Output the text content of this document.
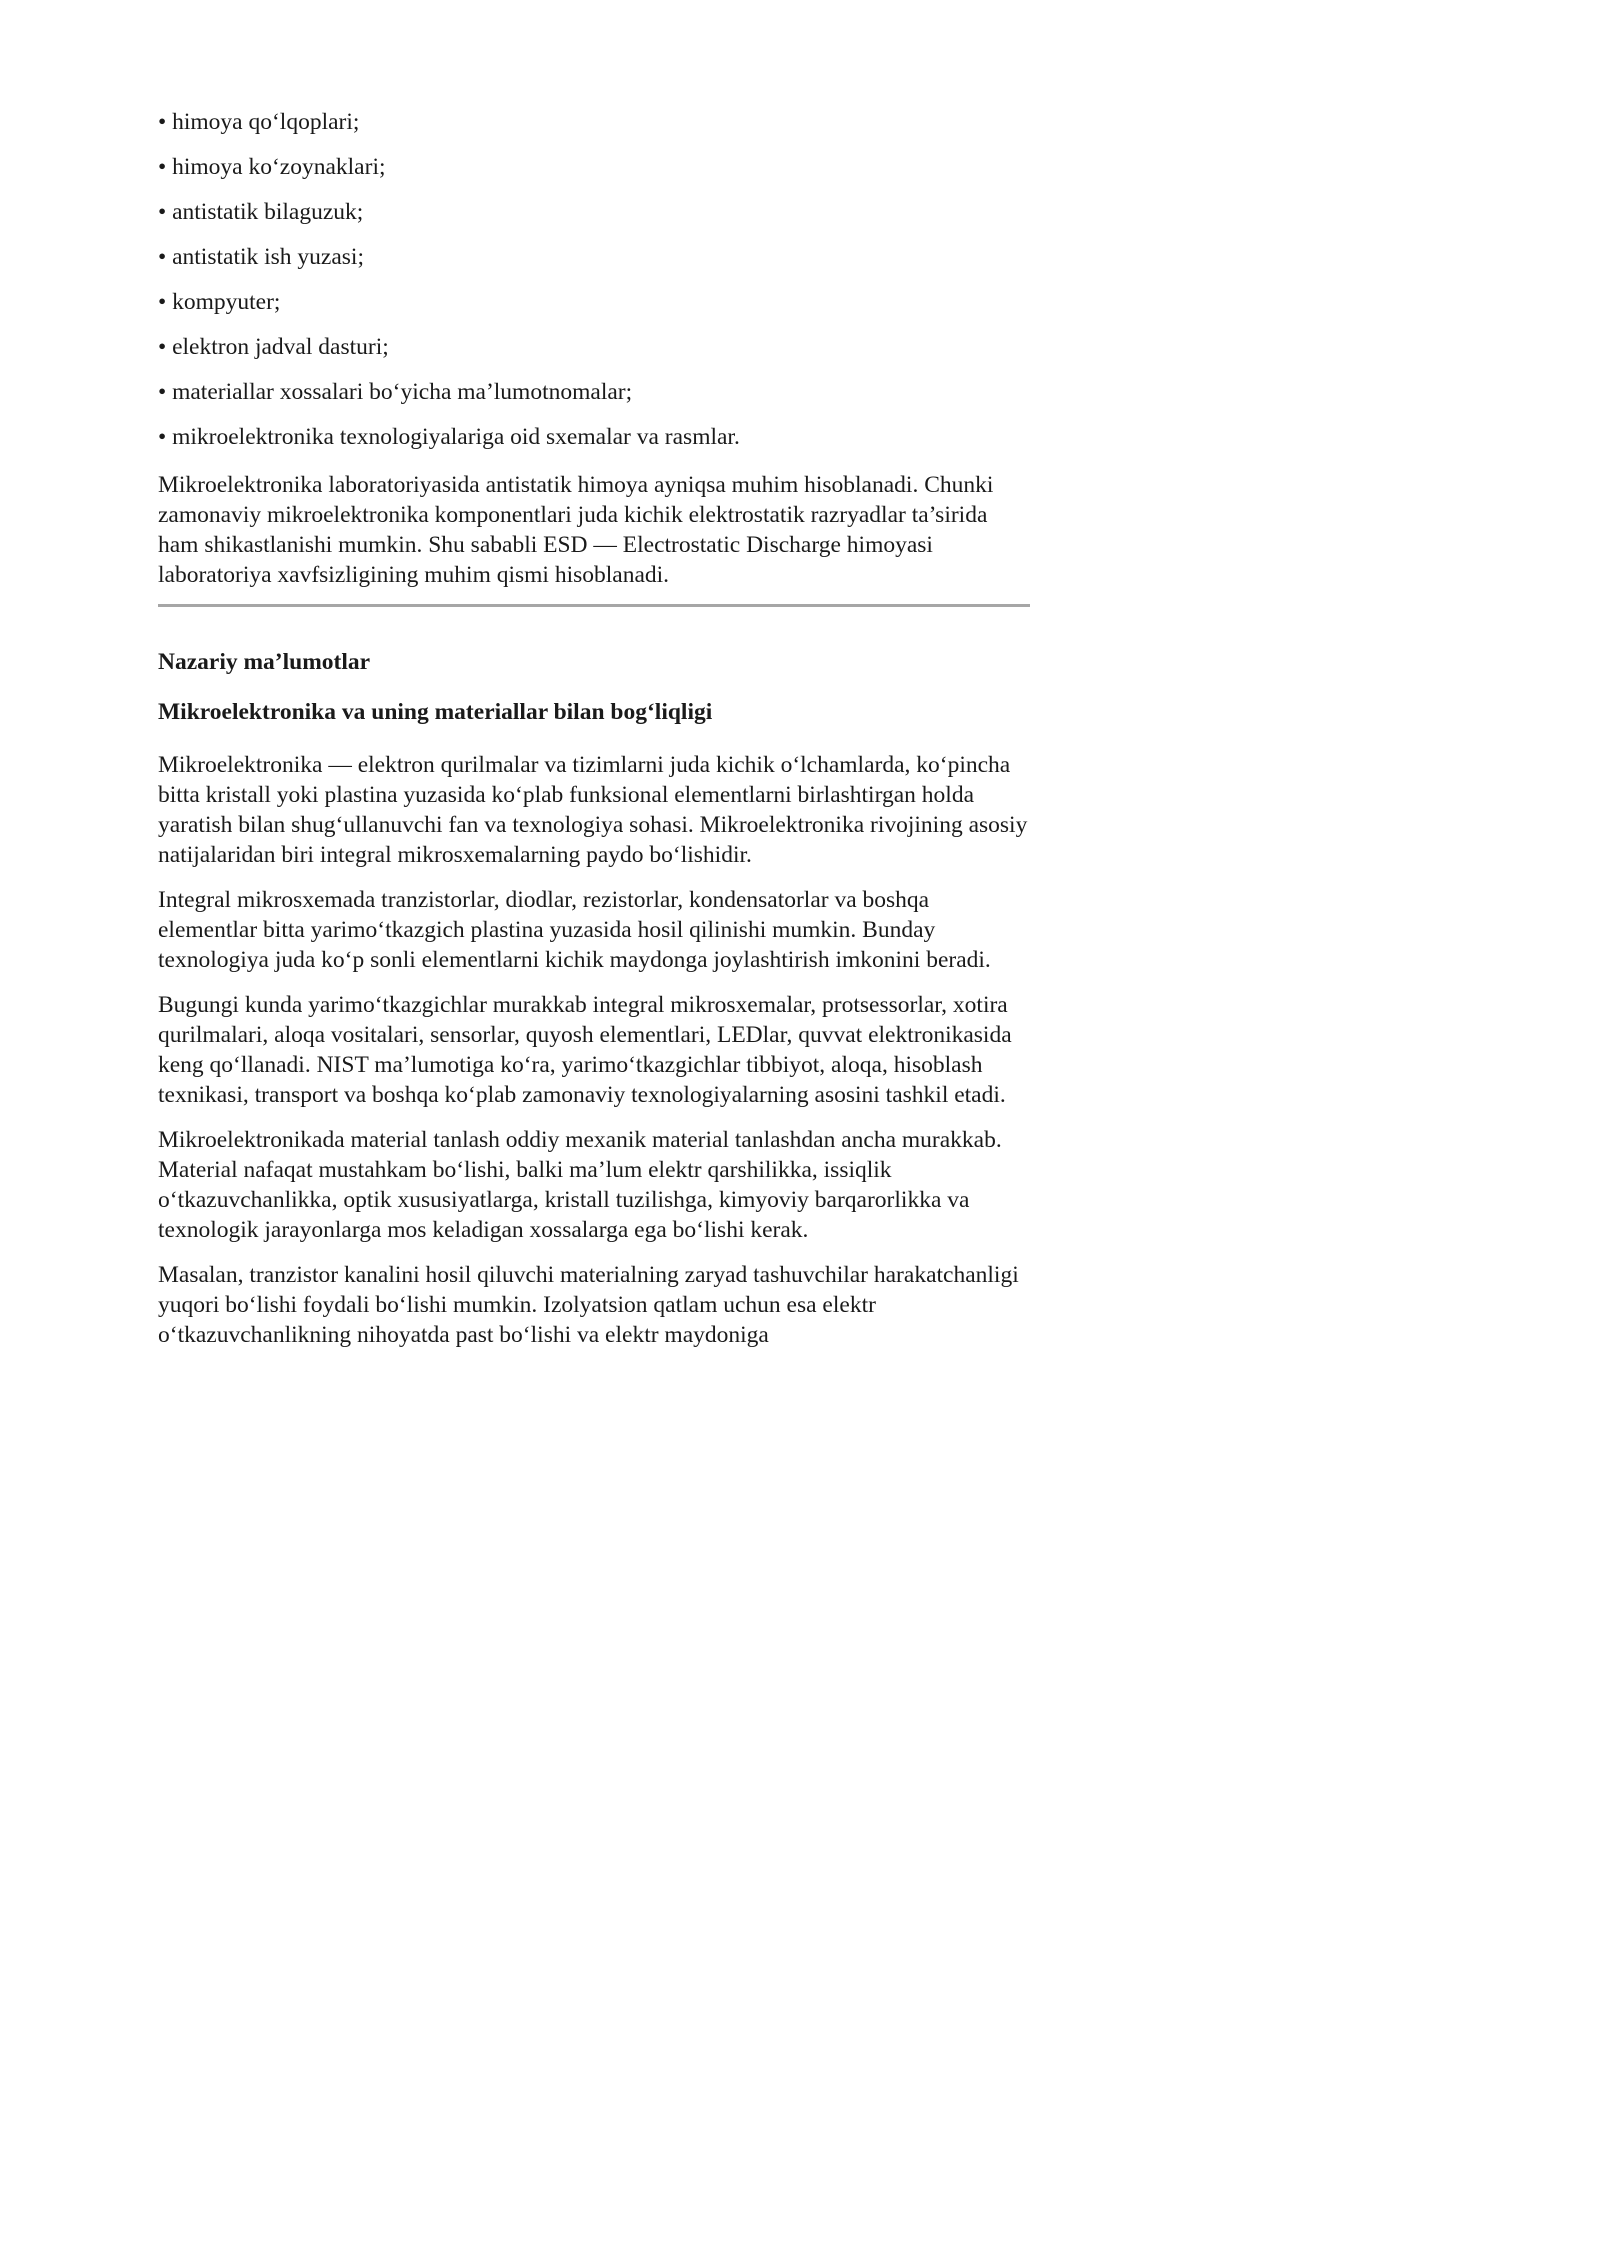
• himoya qo‘lqoplari;
• himoya ko‘zoynaklari;
• antistatik bilaguzuk;
• antistatik ish yuzasi;
• kompyuter;
• elektron jadval dasturi;
• materiallar xossalari bo‘yicha ma’lumotnomalar;
• mikroelektronika texnologiyalariga oid sxemalar va rasmlar.

Mikroelektronika laboratoriyasida antistatik himoya ayniqsa muhim hisoblanadi. Chunki zamonaviy mikroelektronika komponentlari juda kichik elektrostatik razryadlar ta’sirida ham shikastlanishi mumkin. Shu sababli ESD — Electrostatic Discharge himoyasi laboratoriya xavfsizligining muhim qismi hisoblanadi.

Nazariy ma’lumotlar
Mikroelektronika va uning materiallar bilan bog‘liqligi

Mikroelektronika — elektron qurilmalar va tizimlarni juda kichik o‘lchamlarda, ko‘pincha bitta kristall yoki plastina yuzasida ko‘plab funksional elementlarni birlashtirgan holda yaratish bilan shug‘ullanuvchi fan va texnologiya sohasi. Mikroelektronika rivojining asosiy natijalaridan biri integral mikrosxemalarning paydo bo‘lishidir.

Integral mikrosxemada tranzistorlar, diodlar, rezistorlar, kondensatorlar va boshqa elementlar bitta yarimo‘tkazgich plastina yuzasida hosil qilinishi mumkin. Bunday texnologiya juda ko‘p sonli elementlarni kichik maydonga joylashtirish imkonini beradi.

Bugungi kunda yarimo‘tkazgichlar murakkab integral mikrosxemalar, protsessorlar, xotira qurilmalari, aloqa vositalari, sensorlar, quyosh elementlari, LEDlar, quvvat elektronikasida keng qo‘llanadi. NIST ma’lumotiga ko‘ra, yarimo‘tkazgichlar tibbiyot, aloqa, hisoblash texnikasi, transport va boshqa ko‘plab zamonaviy texnologiyalarning asosini tashkil etadi.

Mikroelektronikada material tanlash oddiy mexanik material tanlashdan ancha murakkab. Material nafaqat mustahkam bo‘lishi, balki ma’lum elektr qarshilikka, issiqlik o‘tkazuvchanlikka, optik xususiyatlarga, kristall tuzilishga, kimyoviy barqarorlikka va texnologik jarayonlarga mos keladigan xossalarga ega bo‘lishi kerak.

Masalan, tranzistor kanalini hosil qiluvchi materialning zaryad tashuvchilar harakatchanligi yuqori bo‘lishi foydali bo‘lishi mumkin. Izolyatsion qatlam uchun esa elektr o‘tkazuvchanlikning nihoyatda past bo‘lishi va elektr maydoniga
